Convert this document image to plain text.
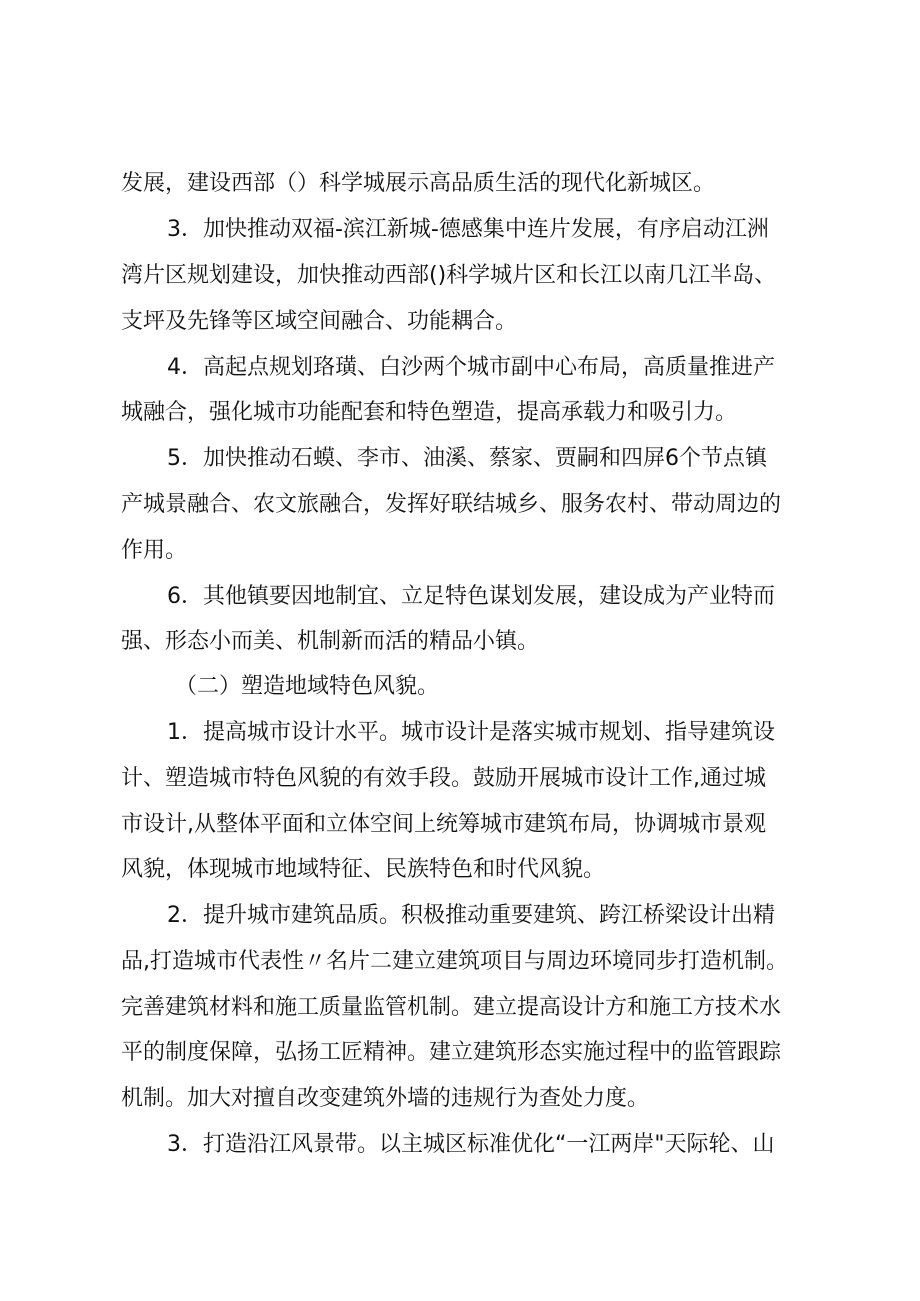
发展，建设西部（）科学城展示高品质生活的现代化新城区。
3．加快推动双福-滨江新城-德感集中连片发展，有序启动江洲
湾片区规划建设，加快推动西部()科学城片区和长江以南几江半岛、
支坪及先锋等区域空间融合、功能耦合。
4．高起点规划珞璜、白沙两个城市副中心布局，高质量推进产
城融合，强化城市功能配套和特色塑造，提高承载力和吸引力。
5．加快推动石蟆、李市、油溪、蔡家、贾嗣和四屏6个节点镇
产城景融合、农文旅融合，发挥好联结城乡、服务农村、带动周边的
作用。
6．其他镇要因地制宜、立足特色谋划发展，建设成为产业特而
强、形态小而美、机制新而活的精品小镇。
（二）塑造地域特色风貌。
1．提高城市设计水平。城市设计是落实城市规划、指导建筑设
计、塑造城市特色风貌的有效手段。鼓励开展城市设计工作,通过城
市设计,从整体平面和立体空间上统筹城市建筑布局，协调城市景观
风貌，体现城市地域特征、民族特色和时代风貌。
2．提升城市建筑品质。积极推动重要建筑、跨江桥梁设计出精
品,打造城市代表性〃名片二建立建筑项目与周边环境同步打造机制。
完善建筑材料和施工质量监管机制。建立提高设计方和施工方技术水
平的制度保障，弘扬工匠精神。建立建筑形态实施过程中的监管跟踪
机制。加大对擅自改变建筑外墙的违规行为查处力度。
3．打造沿江风景带。以主城区标准优化“一江两岸"天际轮、山
